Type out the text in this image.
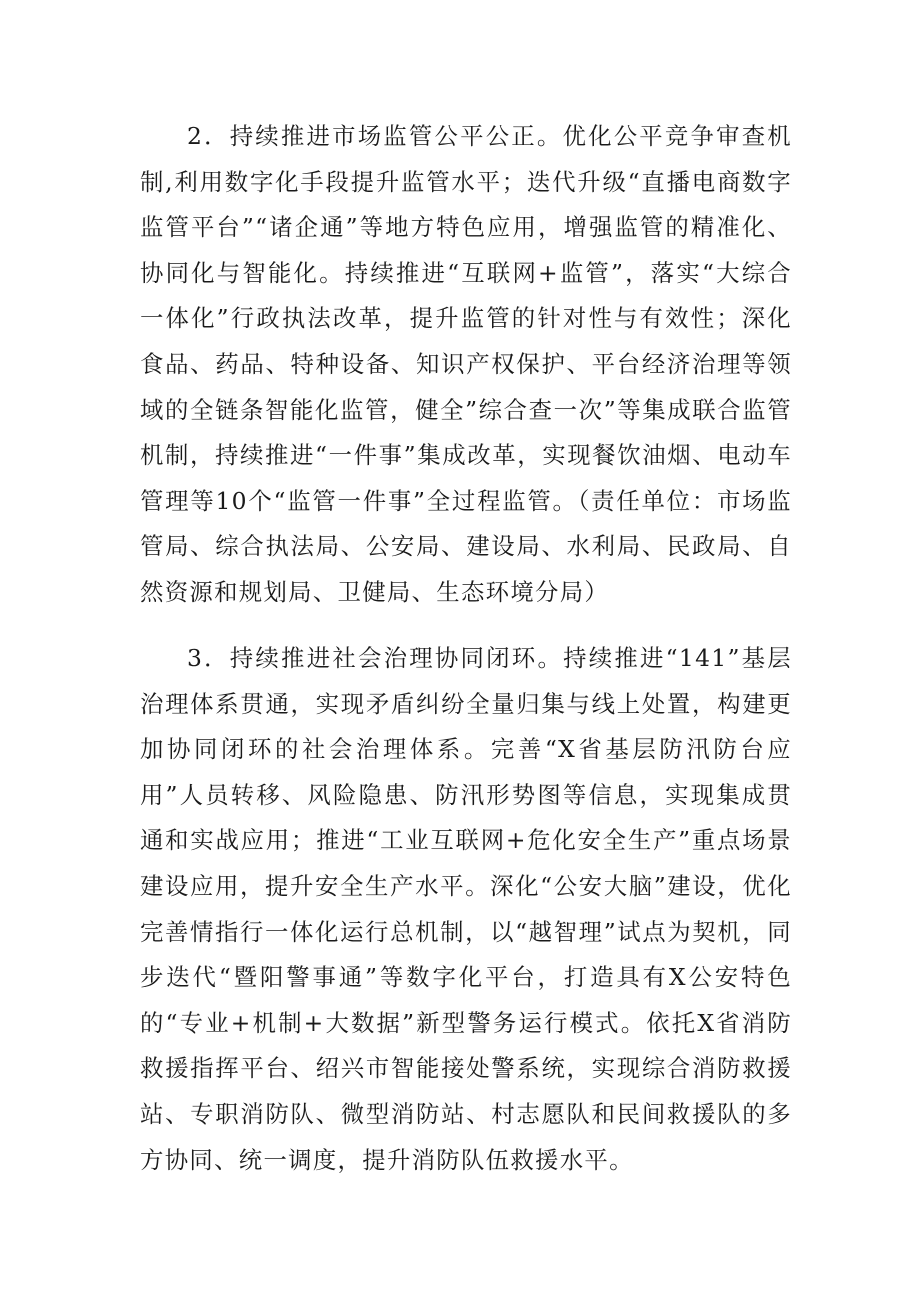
2．持续推进市场监管公平公正。优化公平竞争审查机制,利用数字化手段提升监管水平；迭代升级“直播电商数字监管平台”“诸企通”等地方特色应用，增强监管的精准化、协同化与智能化。持续推进“互联网+监管”，落实“大综合一体化”行政执法改革，提升监管的针对性与有效性；深化食品、药品、特种设备、知识产权保护、平台经济治理等领域的全链条智能化监管，健全”综合查一次”等集成联合监管机制，持续推进“一件事”集成改革，实现餐饮油烟、电动车管理等10个“监管一件事”全过程监管。（责任单位：市场监管局、综合执法局、公安局、建设局、水利局、民政局、自然资源和规划局、卫健局、生态环境分局）

3．持续推进社会治理协同闭环。持续推进“141”基层治理体系贯通，实现矛盾纠纷全量归集与线上处置，构建更加协同闭环的社会治理体系。完善“X省基层防汛防台应用”人员转移、风险隐患、防汛形势图等信息，实现集成贯通和实战应用；推进“工业互联网+危化安全生产”重点场景建设应用，提升安全生产水平。深化“公安大脑”建设，优化完善情指行一体化运行总机制，以“越智理”试点为契机，同步迭代“暨阳警事通”等数字化平台，打造具有X公安特色的“专业+机制+大数据”新型警务运行模式。依托X省消防救援指挥平台、绍兴市智能接处警系统，实现综合消防救援站、专职消防队、微型消防站、村志愿队和民间救援队的多方协同、统一调度，提升消防队伍救援水平。
